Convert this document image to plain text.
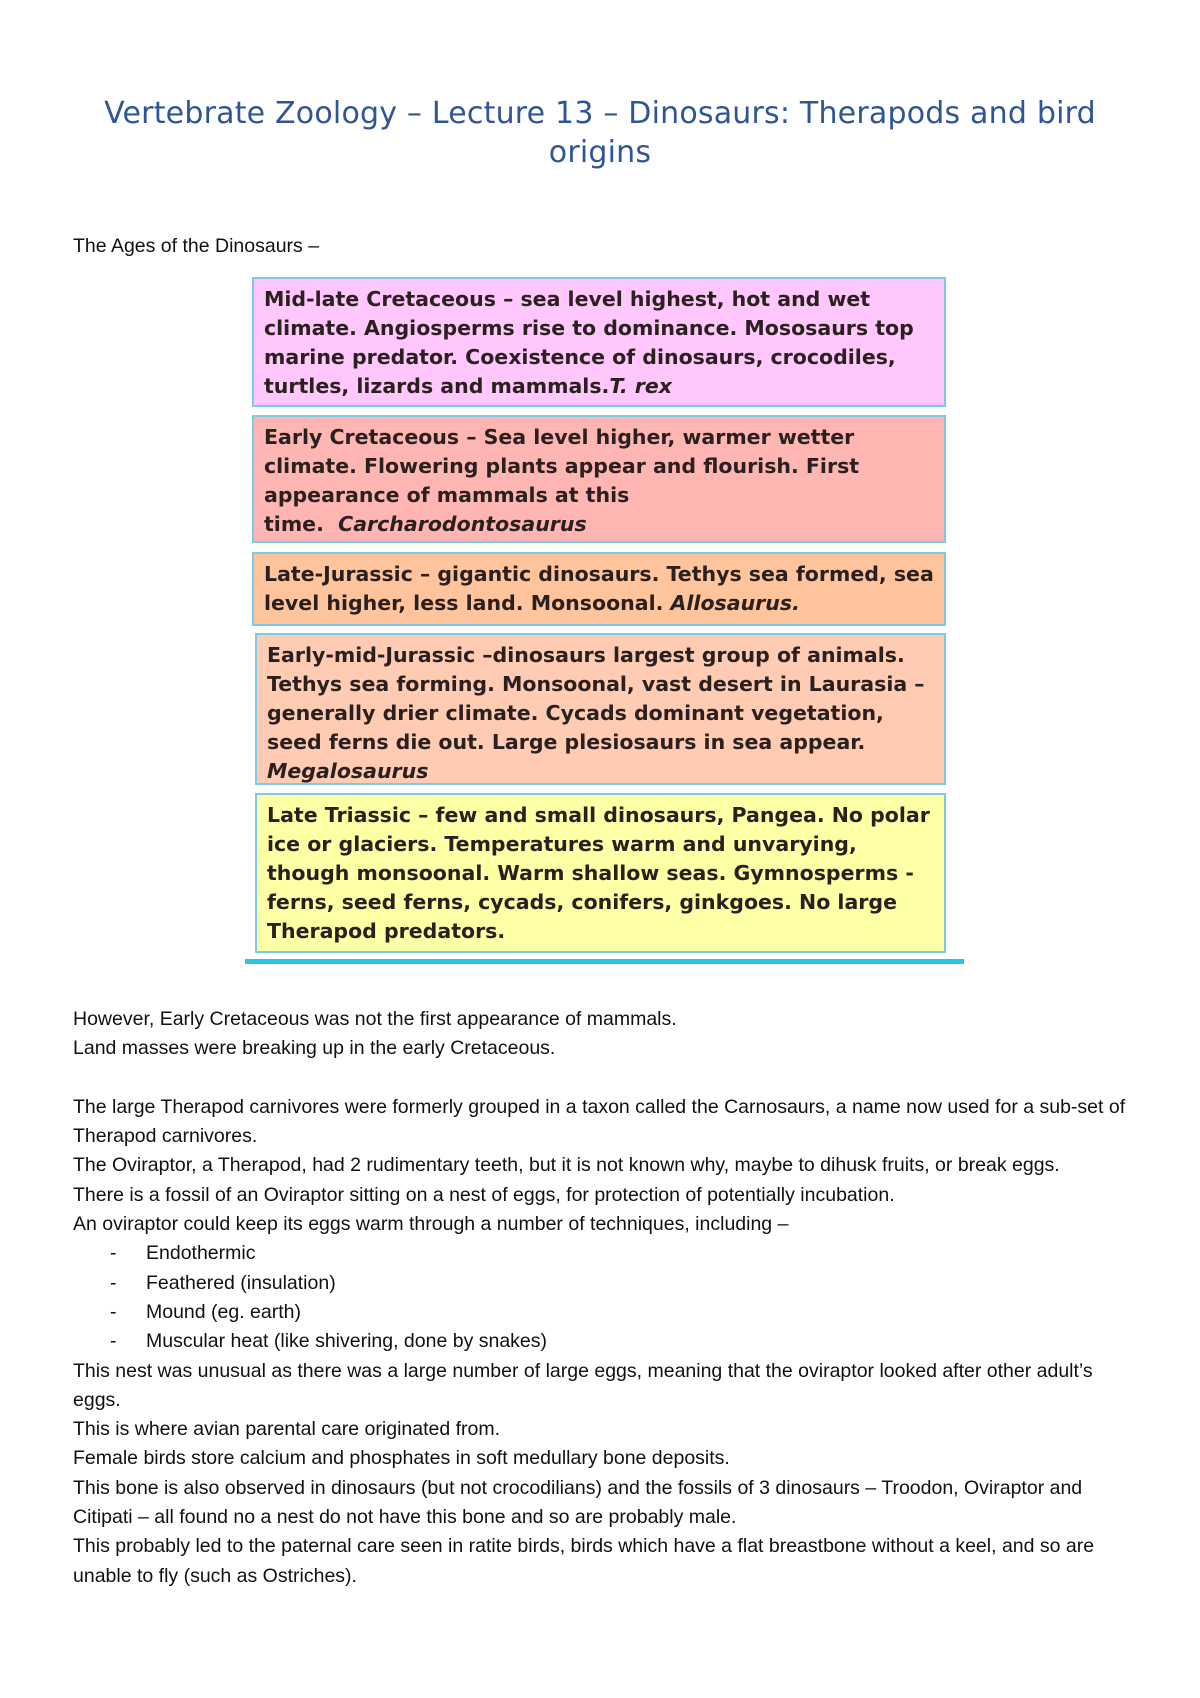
Vertebrate Zoology – Lecture 13 – Dinosaurs: Therapods and bird origins
The Ages of the Dinosaurs –
Mid-late Cretaceous – sea level highest, hot and wet climate. Angiosperms rise to dominance. Mososaurs top marine predator. Coexistence of dinosaurs, crocodiles, turtles, lizards and mammals.T. rex
Early Cretaceous – Sea level higher, warmer wetter climate. Flowering plants appear and flourish. First appearance of mammals at this time. Carcharodontosaurus
Late-Jurassic – gigantic dinosaurs. Tethys sea formed, sea level higher, less land. Monsoonal. Allosaurus.
Early-mid-Jurassic –dinosaurs largest group of animals. Tethys sea forming. Monsoonal, vast desert in Laurasia – generally drier climate. Cycads dominant vegetation, seed ferns die out. Large plesiosaurs in sea appear.
Megalosaurus
Late Triassic – few and small dinosaurs, Pangea. No polar ice or glaciers. Temperatures warm and unvarying, though monsoonal. Warm shallow seas. Gymnosperms - ferns, seed ferns, cycads, conifers, ginkgoes. No large Therapod predators.

However, Early Cretaceous was not the first appearance of mammals.

Land masses were breaking up in the early Cretaceous.

The large Therapod carnivores were formerly grouped in a taxon called the Carnosaurs, a name now used for a sub-set of Therapod carnivores.

The Oviraptor, a Therapod, had 2 rudimentary teeth, but it is not known why, maybe to dihusk fruits, or break eggs.

There is a fossil of an Oviraptor sitting on a nest of eggs, for protection of potentially incubation.

An oviraptor could keep its eggs warm through a number of techniques, including –

- Endothermic
- Feathered (insulation)
- Mound (eg. earth)
- Muscular heat (like shivering, done by snakes)

This nest was unusual as there was a large number of large eggs, meaning that the oviraptor looked after other adult’s eggs.

This is where avian parental care originated from.

Female birds store calcium and phosphates in soft medullary bone deposits.

This bone is also observed in dinosaurs (but not crocodilians) and the fossils of 3 dinosaurs – Troodon, Oviraptor and Citipati – all found no a nest do not have this bone and so are probably male.

This probably led to the paternal care seen in ratite birds, birds which have a flat breastbone without a keel, and so are unable to fly (such as Ostriches).
